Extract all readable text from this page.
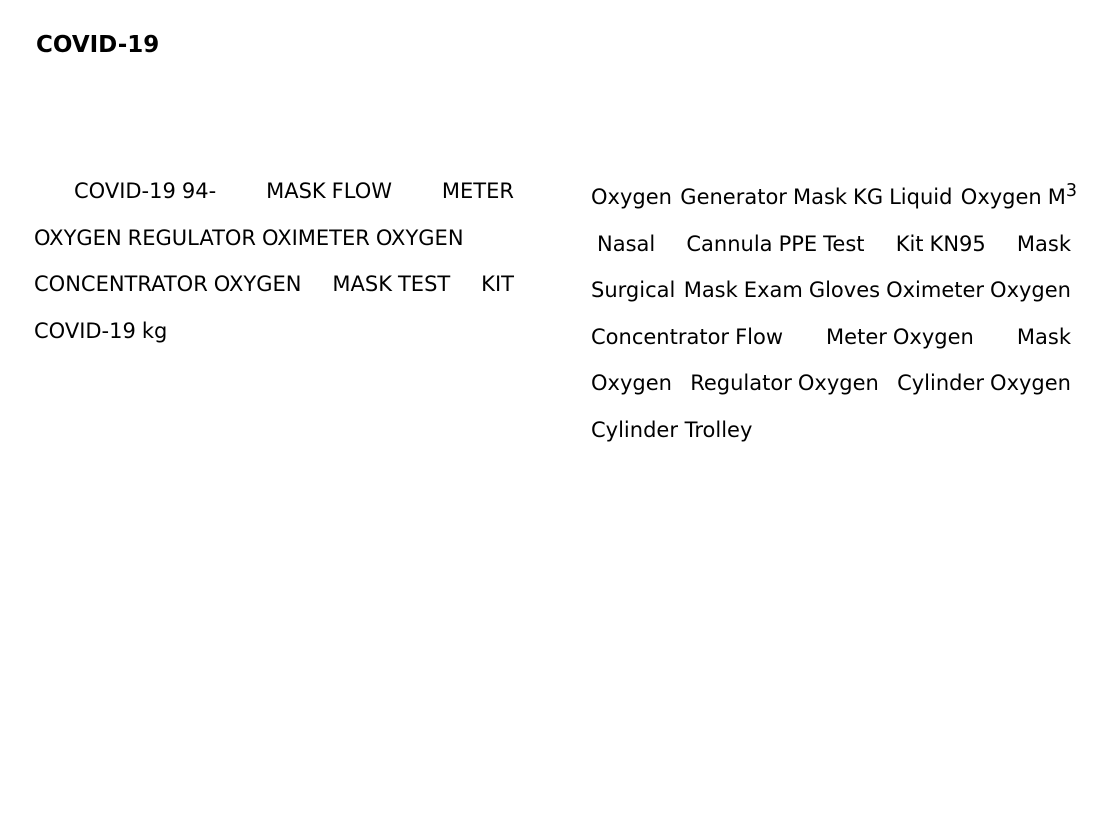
COVID-19

COVID-19 94- MASK FLOW METEROXYGEN REGULATOR OXIMETER OXYGENCONCENTRATOR OXYGEN MASK TEST KITCOVID-19 kg

Oxygen Generator Mask KG Liquid Oxygen $M^3Nasal$ Cannula PPE Test Kit KN95 MaskSurgical Mask Exam Gloves Oximeter OxygenConcentrator Flow Meter Oxygen MaskOxygen Regulator Oxygen Cylinder OxygenCylinder Trolley
